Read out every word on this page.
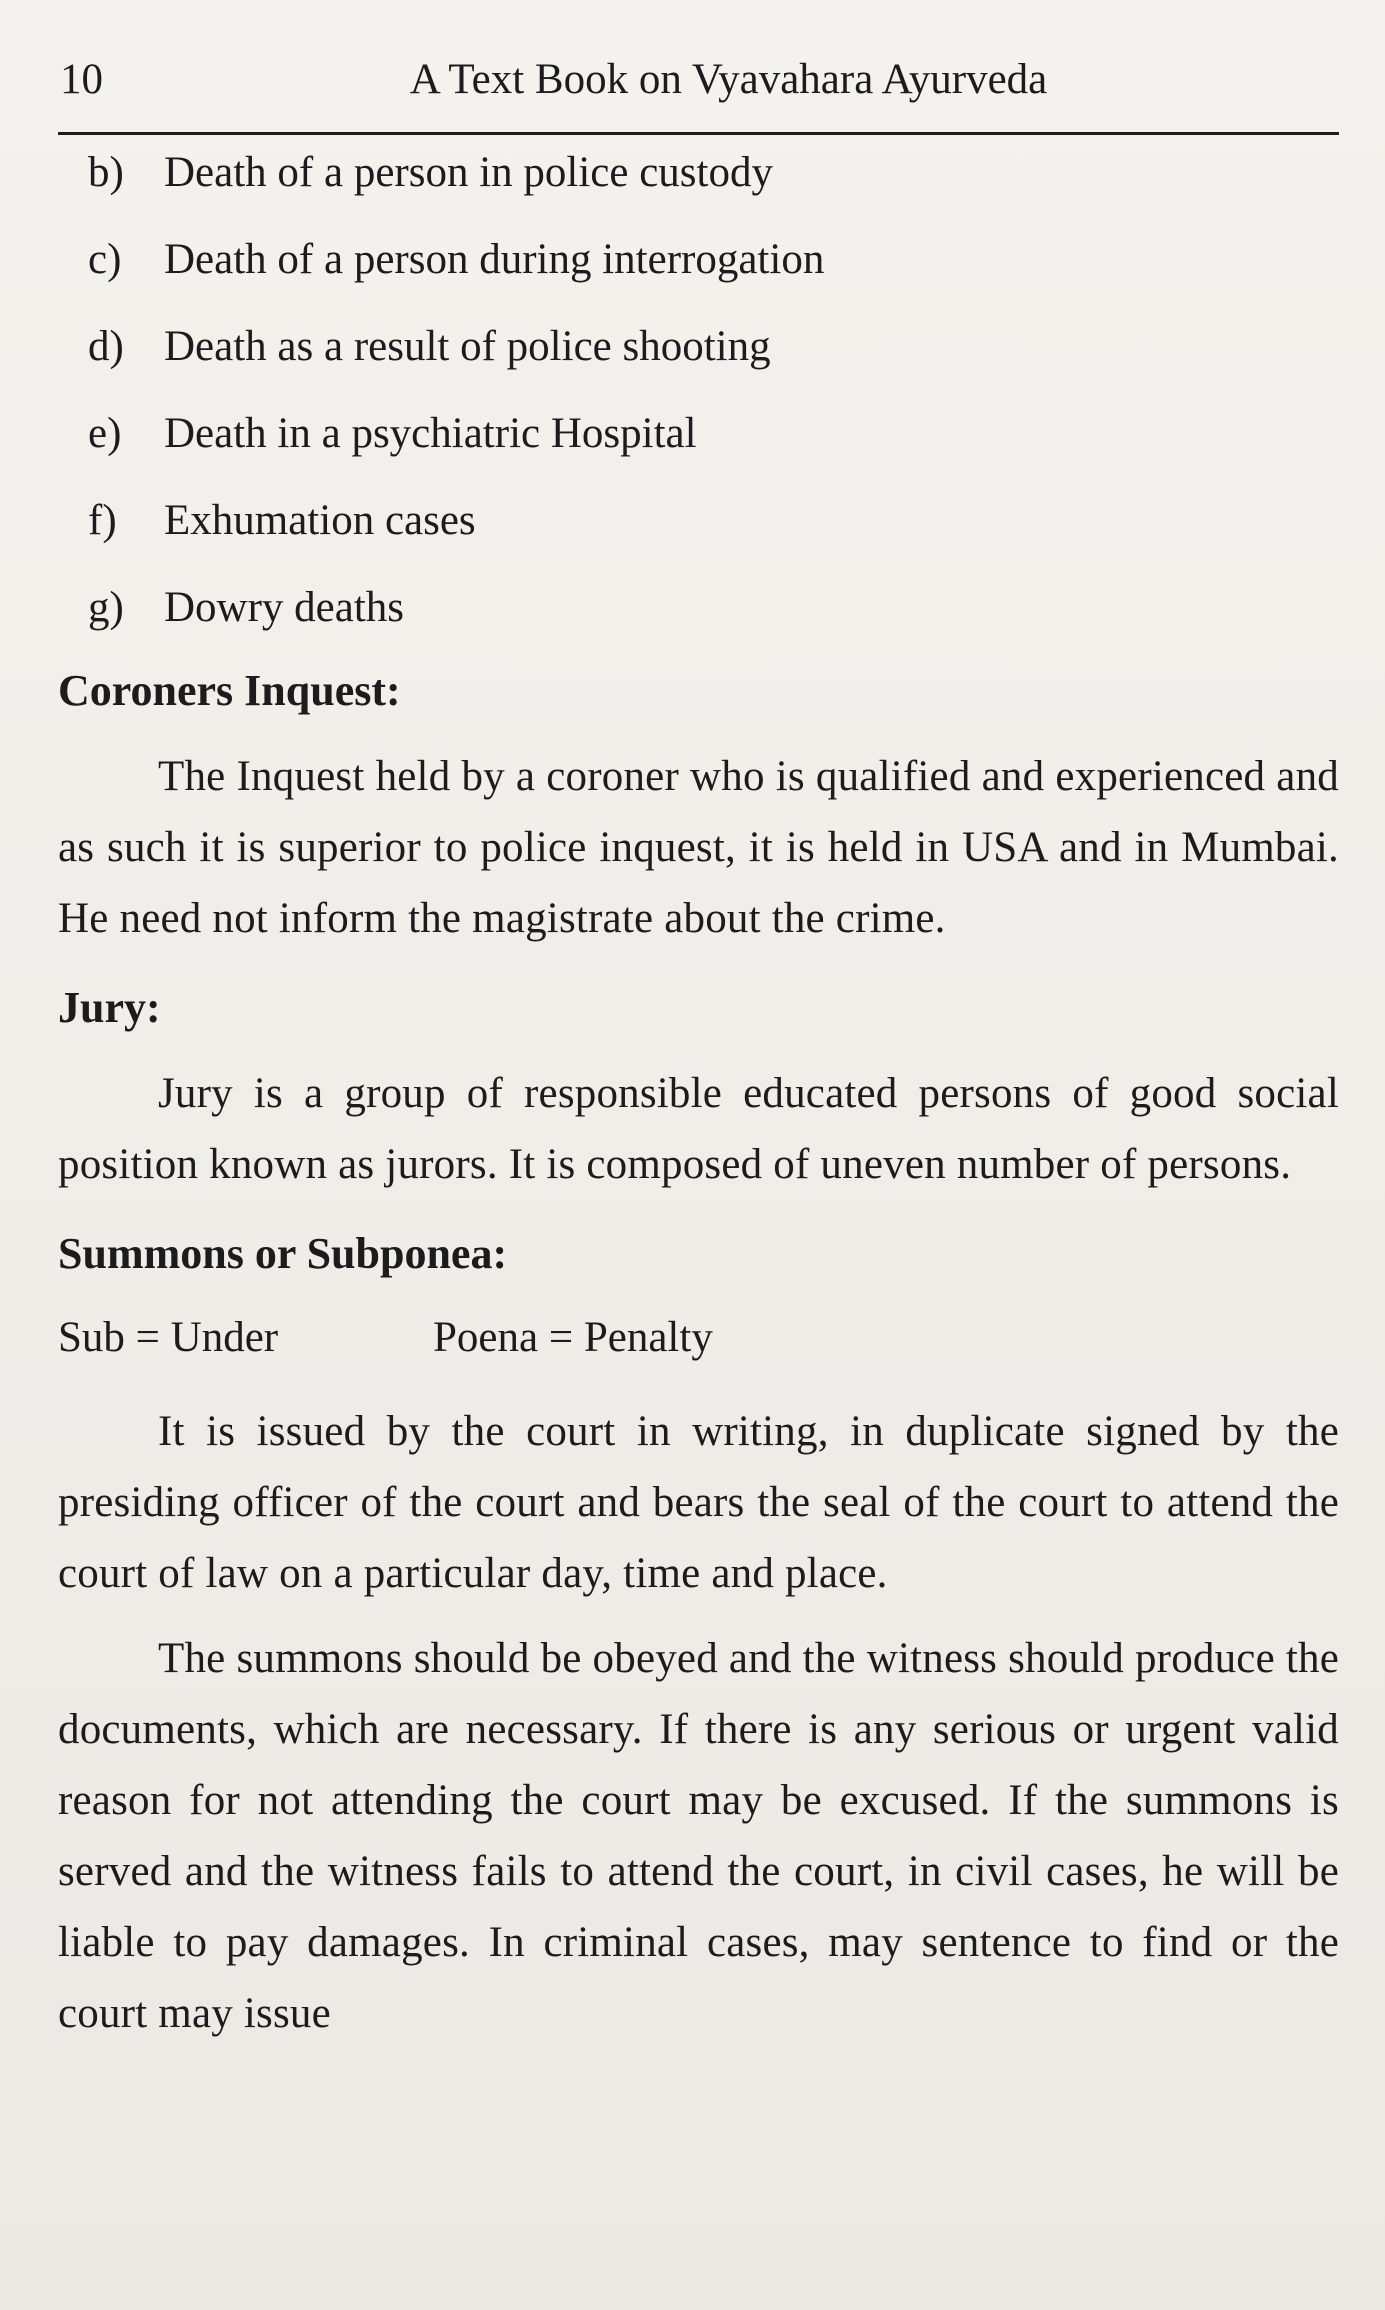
10	A Text Book on Vyavahara Ayurveda
b) Death of a person in police custody
c) Death of a person during interrogation
d) Death as a result of police shooting
e) Death in a psychiatric Hospital
f)	Exhumation cases
g) Dowry deaths
Coroners Inquest:

The Inquest held by a coroner who is qualified and experienced and as such it is superior to police inquest, it is held in USA and in Mumbai. He need not inform the magistrate about the crime.

Jury:

Jury is a group of responsible educated persons of good social position known as jurors. It is composed of uneven number of persons.

Summons or Subponea:
Sub = Under	Poena = Penalty

It is issued by the court in writing, in duplicate signed by the presiding officer of the court and bears the seal of the court to attend the court of law on a particular day, time and place.

The summons should be obeyed and the witness should produce the documents, which are necessary. If there is any serious or urgent valid reason for not attending the court may be excused. If the summons is served and the witness fails to attend the court, in civil cases, he will be liable to pay damages. In criminal cases, may sentence to find or the court may issue
